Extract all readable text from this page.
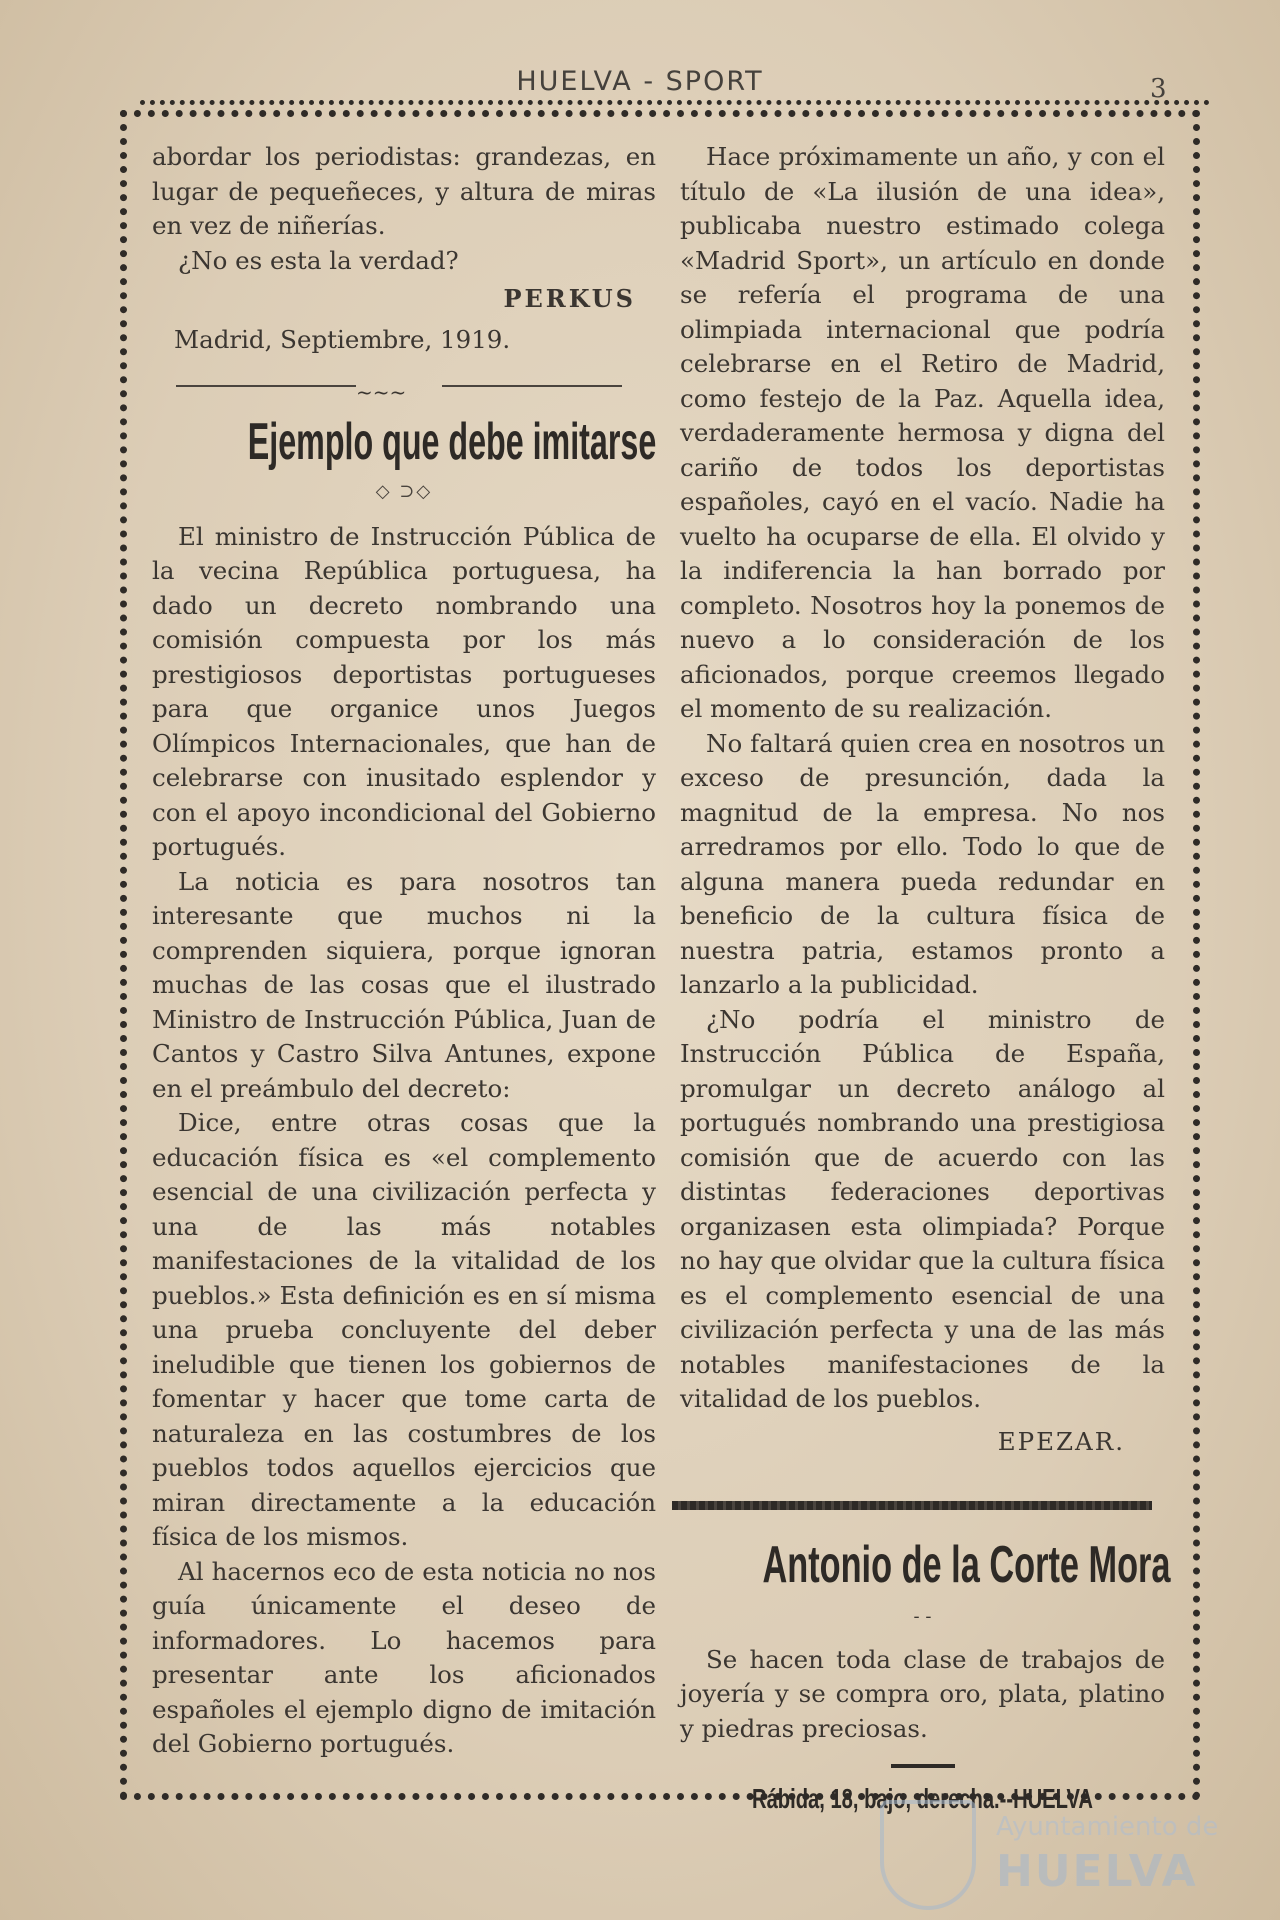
HUELVA - SPORT	3

abordar los periodistas: grandezas, en lugar de pequeñeces, y altura de miras en vez de niñerías.

¿No es esta la verdad?

PERKUS
Madrid, Septiembre, 1919.
~~~
Ejemplo que debe imitarse
◇ ⊃◇

El ministro de Instrucción Pública de la vecina República portuguesa, ha dado un decreto nombrando una comisión compuesta por los más prestigiosos deportistas portugueses para que organice unos Juegos Olímpicos Internacionales, que han de celebrarse con inusitado esplendor y con el apoyo incondicional del Gobierno portugués.

La noticia es para nosotros tan interesante que muchos ni la comprenden siquiera, porque ignoran muchas de las cosas que el ilustrado Ministro de Instrucción Pública, Juan de Cantos y Castro Silva Antunes, expone en el preámbulo del decreto:

Dice, entre otras cosas que la educación física es «el complemento esencial de una civilización perfecta y una de las más notables manifestaciones de la vitalidad de los pueblos.» Esta definición es en sí misma una prueba concluyente del deber ineludible que tienen los gobiernos de fomentar y hacer que tome carta de naturaleza en las costumbres de los pueblos todos aquellos ejercicios que miran directamente a la educación física de los mismos.

Al hacernos eco de esta noticia no nos guía únicamente el deseo de informadores. Lo hacemos para presentar ante los aficionados españoles el ejemplo digno de imitación del Gobierno portugués.

Hace próximamente un año, y con el título de «La ilusión de una idea», publicaba nuestro estimado colega «Madrid Sport», un artículo en donde se refería el programa de una olimpiada internacional que podría celebrarse en el Retiro de Madrid, como festejo de la Paz. Aquella idea, verdaderamente hermosa y digna del cariño de todos los deportistas españoles, cayó en el vacío. Nadie ha vuelto ha ocuparse de ella. El olvido y la indiferencia la han borrado por completo. Nosotros hoy la ponemos de nuevo a lo consideración de los aficionados, porque creemos llegado el momento de su realización.

No faltará quien crea en nosotros un exceso de presunción, dada la magnitud de la empresa. No nos arredramos por ello. Todo lo que de alguna manera pueda redundar en beneficio de la cultura física de nuestra patria, estamos pronto a lanzarlo a la publicidad.

¿No podría el ministro de Instrucción Pública de España, promulgar un decreto análogo al portugués nombrando una prestigiosa comisión que de acuerdo con las distintas federaciones deportivas organizasen esta olimpiada? Porque no hay que olvidar que la cultura física es el complemento esencial de una civilización perfecta y una de las más notables manifestaciones de la vitalidad de los pueblos.

EPEZAR.
Antonio de la Corte Mora
- -

Se hacen toda clase de trabajos de joyería y se compra oro, plata, platino y piedras preciosas.

Rábida, 18, bajo, derecha.--HUELVA
Ayuntamiento de
HUELVA
